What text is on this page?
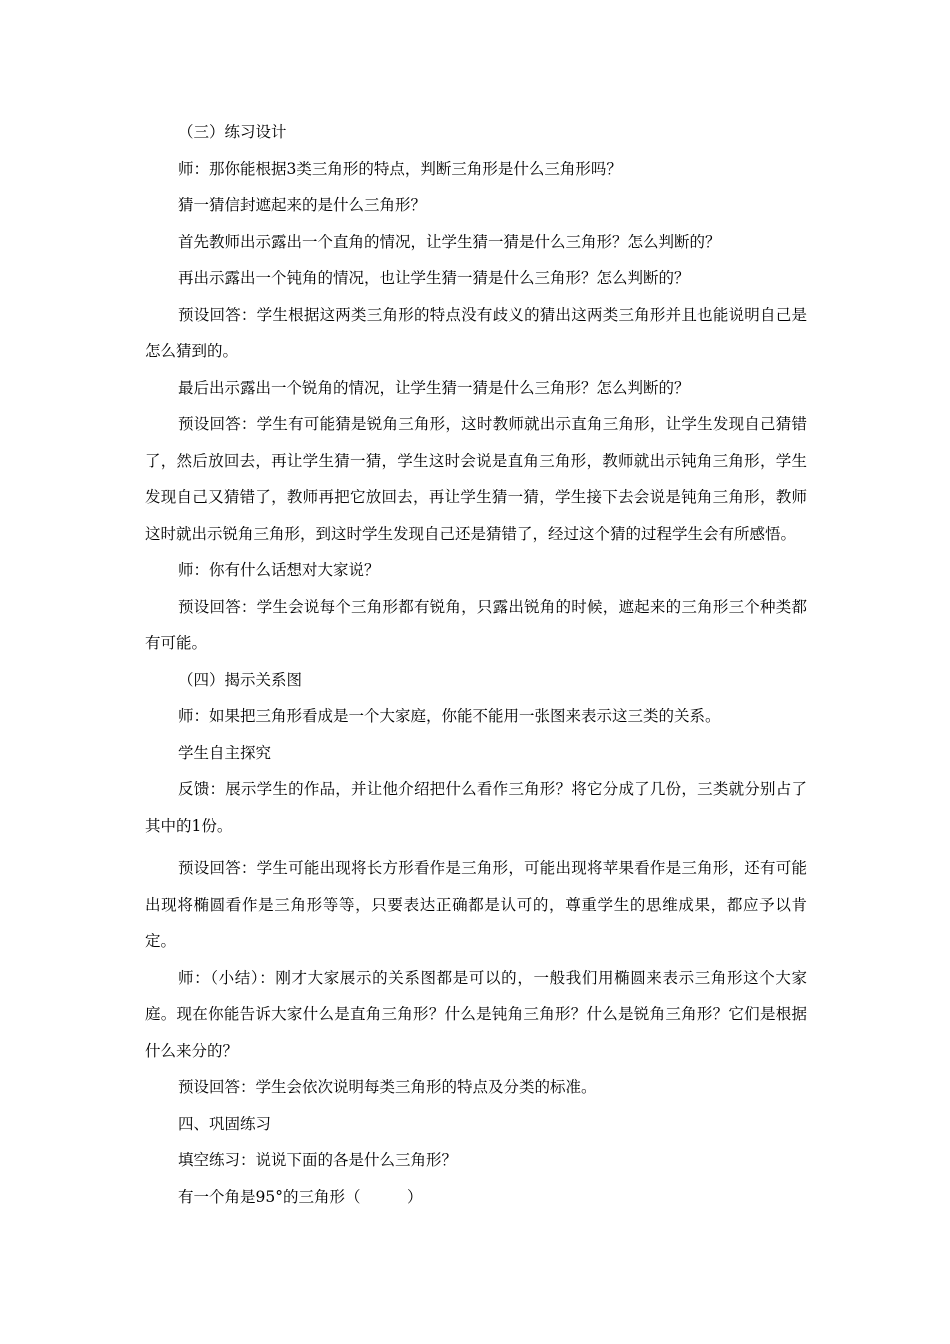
（三）练习设计

师：那你能根据3类三角形的特点，判断三角形是什么三角形吗？

猜一猜信封遮起来的是什么三角形？

首先教师出示露出一个直角的情况，让学生猜一猜是什么三角形？怎么判断的？

再出示露出一个钝角的情况，也让学生猜一猜是什么三角形？怎么判断的？

预设回答：学生根据这两类三角形的特点没有歧义的猜出这两类三角形并且也能说明自己是怎么猜到的。

最后出示露出一个锐角的情况，让学生猜一猜是什么三角形？怎么判断的？

预设回答：学生有可能猜是锐角三角形，这时教师就出示直角三角形，让学生发现自己猜错了，然后放回去，再让学生猜一猜，学生这时会说是直角三角形，教师就出示钝角三角形，学生发现自己又猜错了，教师再把它放回去，再让学生猜一猜，学生接下去会说是钝角三角形，教师这时就出示锐角三角形，到这时学生发现自己还是猜错了，经过这个猜的过程学生会有所感悟。

师：你有什么话想对大家说？

预设回答：学生会说每个三角形都有锐角，只露出锐角的时候，遮起来的三角形三个种类都有可能。

（四）揭示关系图

师：如果把三角形看成是一个大家庭，你能不能用一张图来表示这三类的关系。

学生自主探究

反馈：展示学生的作品，并让他介绍把什么看作三角形？将它分成了几份，三类就分别占了其中的1份。

预设回答：学生可能出现将长方形看作是三角形，可能出现将苹果看作是三角形，还有可能出现将椭圆看作是三角形等等，只要表达正确都是认可的，尊重学生的思维成果，都应予以肯定。

师：（小结）：刚才大家展示的关系图都是可以的，一般我们用椭圆来表示三角形这个大家庭。现在你能告诉大家什么是直角三角形？什么是钝角三角形？什么是锐角三角形？它们是根据什么来分的？

预设回答：学生会依次说明每类三角形的特点及分类的标准。

四、巩固练习

填空练习：说说下面的各是什么三角形？

有一个角是95°的三角形（　　　）
